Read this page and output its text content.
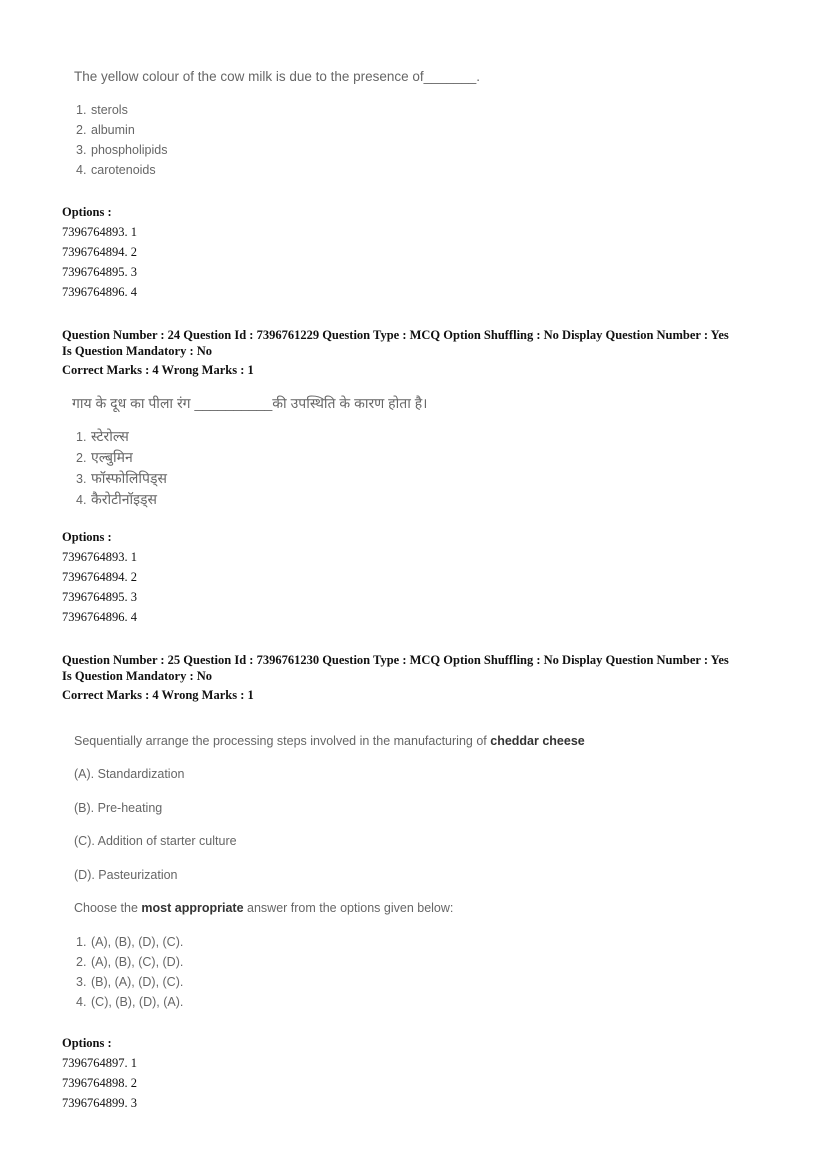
The yellow colour of the cow milk is due to the presence of_______.
1. sterols
2. albumin
3. phospholipids
4. carotenoids
Options :
7396764893. 1
7396764894. 2
7396764895. 3
7396764896. 4
Question Number : 24 Question Id : 7396761229 Question Type : MCQ Option Shuffling : No Display Question Number : Yes
Is Question Mandatory : No
Correct Marks : 4 Wrong Marks : 1
गाय के दूध का पीला रंग __________की उपस्थिति के कारण होता है।
1. स्टेरोल्स
2. एल्बुमिन
3. फॉस्फोलिपिड्स
4. कैरोटीनॉइड्स
Options :
7396764893. 1
7396764894. 2
7396764895. 3
7396764896. 4
Question Number : 25 Question Id : 7396761230 Question Type : MCQ Option Shuffling : No Display Question Number : Yes
Is Question Mandatory : No
Correct Marks : 4 Wrong Marks : 1
Sequentially arrange the processing steps involved in the manufacturing of cheddar cheese
(A). Standardization
(B). Pre-heating
(C). Addition of starter culture
(D). Pasteurization
Choose the most appropriate answer from the options given below:
1. (A), (B), (D), (C).
2. (A), (B), (C), (D).
3. (B), (A), (D), (C).
4. (C), (B), (D), (A).
Options :
7396764897. 1
7396764898. 2
7396764899. 3
